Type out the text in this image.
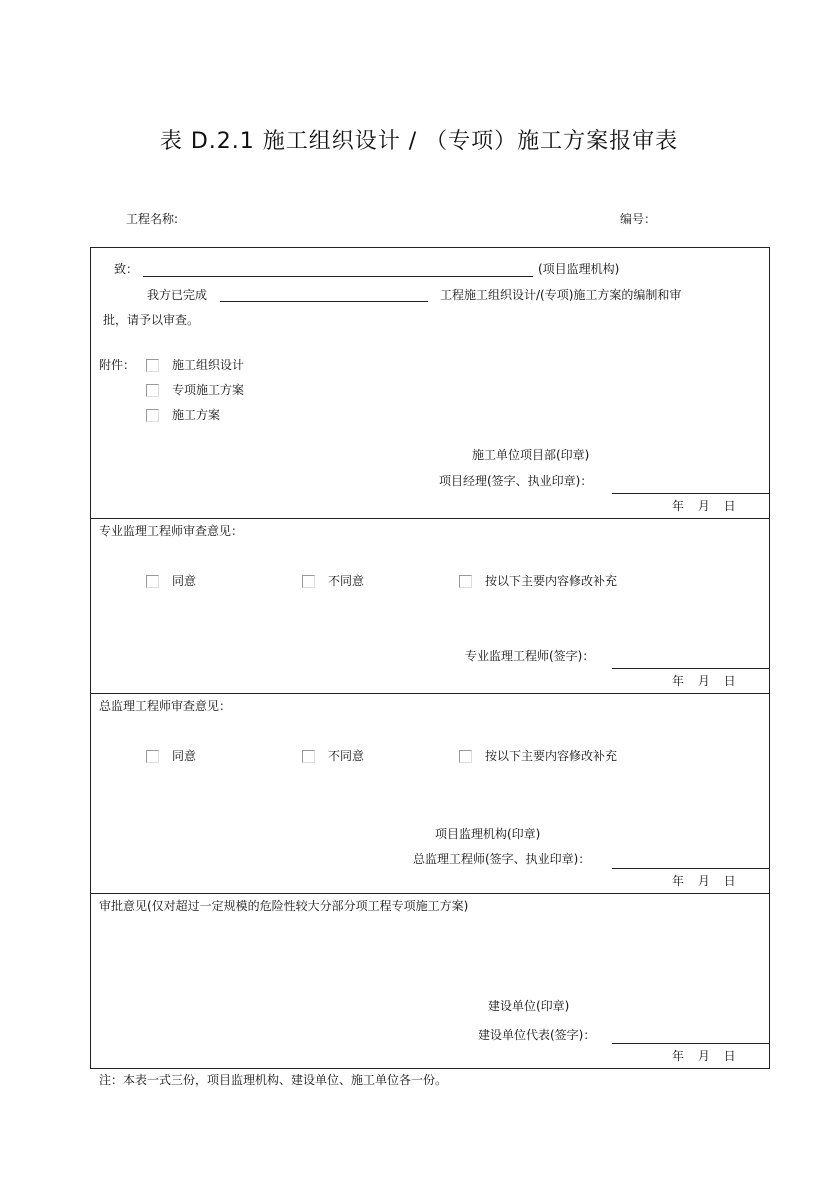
表 D.2.1 施工组织设计 / （专项）施工方案报审表
工程名称:	编号：
致：	(项目监理机构)
我方已完成	工程施工组织设计/(专项)施工方案的编制和审
批，请予以审查。
附件：	施工组织设计
专项施工方案
施工方案
施工单位项目部(印章)
项目经理(签字、执业印章)：
年 月 日
专业监理工程师审查意见：
同意	不同意	按以下主要内容修改补充
专业监理工程师(签字)：
年 月 日
总监理工程师审查意见：
同意	不同意	按以下主要内容修改补充
项目监理机构(印章)
总监理工程师(签字、执业印章)：
年 月 日
审批意见(仅对超过一定规模的危险性较大分部分项工程专项施工方案)
建设单位(印章)
建设单位代表(签字)：
年 月 日
注：本表一式三份，项目监理机构、建设单位、施工单位各一份。
